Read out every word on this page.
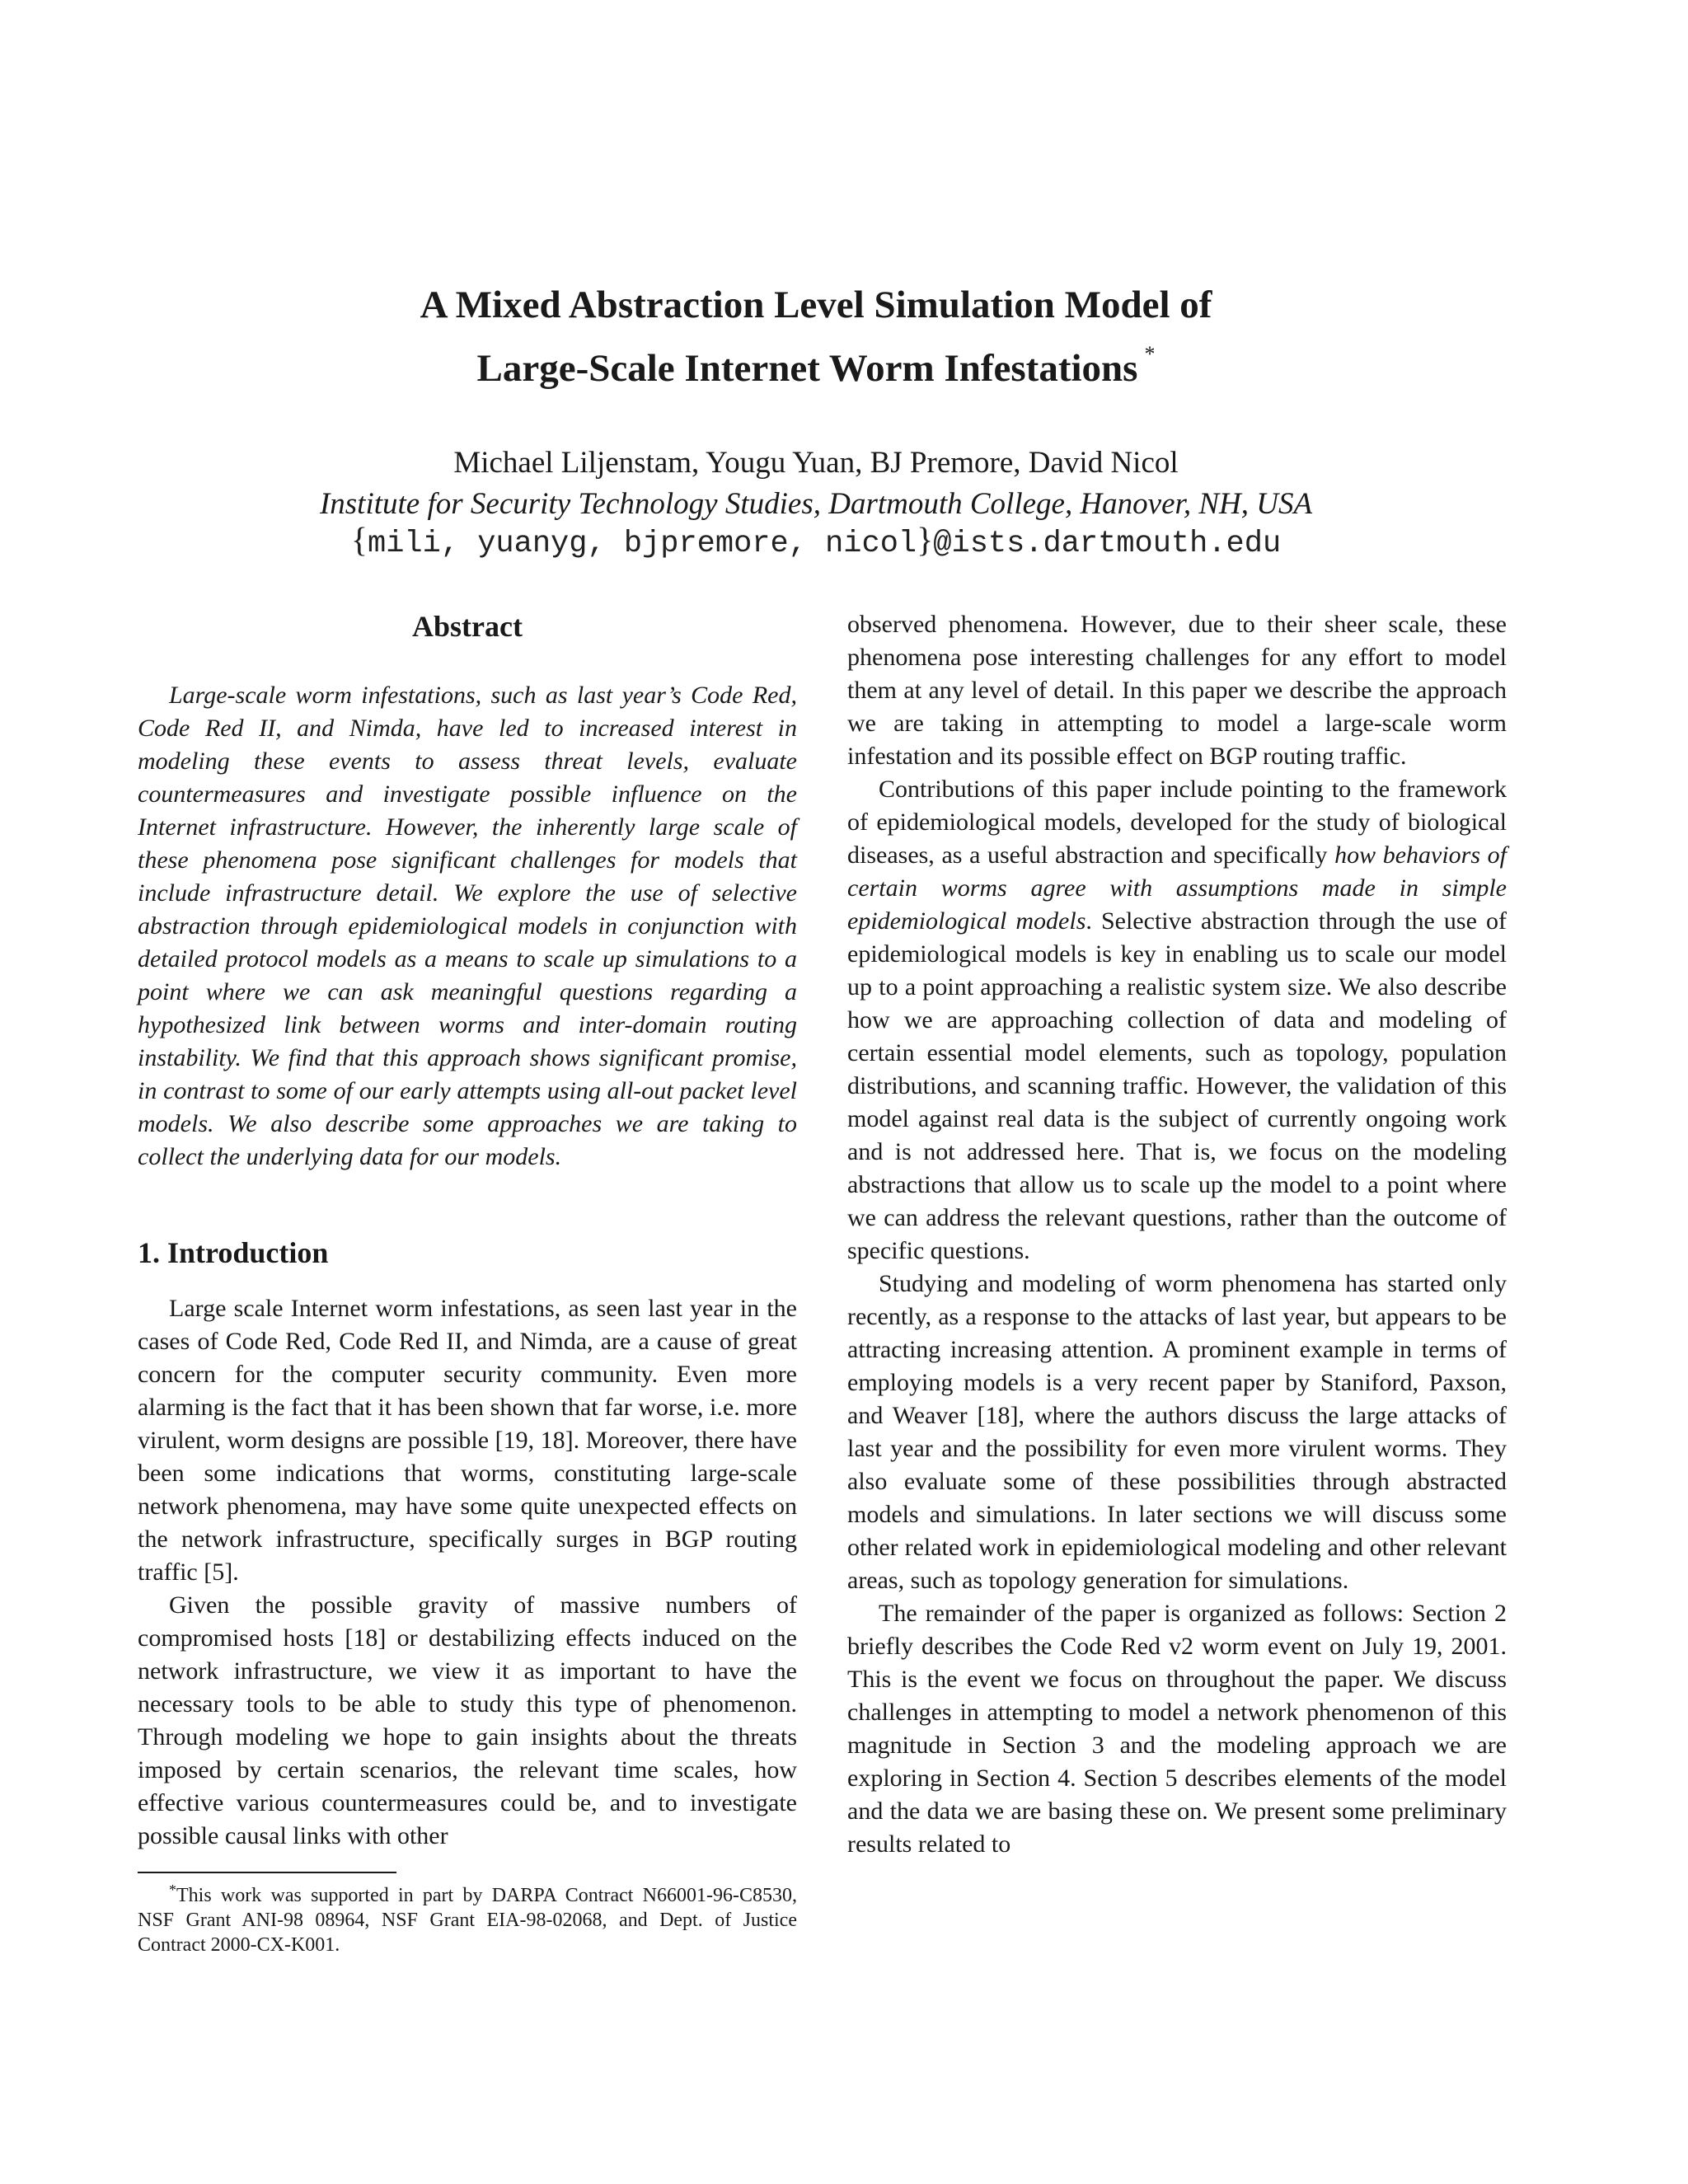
A Mixed Abstraction Level Simulation Model of
Large-Scale Internet Worm Infestations *
Michael Liljenstam, Yougu Yuan, BJ Premore, David Nicol
Institute for Security Technology Studies, Dartmouth College, Hanover, NH, USA
{mili, yuanyg, bjpremore, nicol}@ists.dartmouth.edu
Abstract

Large-scale worm infestations, such as last year’s Code Red, Code Red II, and Nimda, have led to increased interest in modeling these events to assess threat levels, evaluate countermeasures and investigate possible influence on the Internet infrastructure. However, the inherently large scale of these phenomena pose significant challenges for models that include infrastructure detail. We explore the use of selective abstraction through epidemiological models in conjunction with detailed protocol models as a means to scale up simulations to a point where we can ask meaningful questions regarding a hypothesized link between worms and inter-domain routing instability. We find that this approach shows significant promise, in contrast to some of our early attempts using all-out packet level models. We also describe some approaches we are taking to collect the underlying data for our models.

1. Introduction

Large scale Internet worm infestations, as seen last year in the cases of Code Red, Code Red II, and Nimda, are a cause of great concern for the computer security community. Even more alarming is the fact that it has been shown that far worse, i.e. more virulent, worm designs are possible [19, 18]. Moreover, there have been some indications that worms, constituting large-scale network phenomena, may have some quite unexpected effects on the network infrastructure, specifically surges in BGP routing traffic [5].

Given the possible gravity of massive numbers of compromised hosts [18] or destabilizing effects induced on the network infrastructure, we view it as important to have the necessary tools to be able to study this type of phenomenon. Through modeling we hope to gain insights about the threats imposed by certain scenarios, the relevant time scales, how effective various countermeasures could be, and to investigate possible causal links with other

*This work was supported in part by DARPA Contract N66001-96-C8530, NSF Grant ANI-98 08964, NSF Grant EIA-98-02068, and Dept. of Justice Contract 2000-CX-K001.

observed phenomena. However, due to their sheer scale, these phenomena pose interesting challenges for any effort to model them at any level of detail. In this paper we describe the approach we are taking in attempting to model a large-scale worm infestation and its possible effect on BGP routing traffic.

Contributions of this paper include pointing to the framework of epidemiological models, developed for the study of biological diseases, as a useful abstraction and specifically how behaviors of certain worms agree with assumptions made in simple epidemiological models. Selective abstraction through the use of epidemiological models is key in enabling us to scale our model up to a point approaching a realistic system size. We also describe how we are approaching collection of data and modeling of certain essential model elements, such as topology, population distributions, and scanning traffic. However, the validation of this model against real data is the subject of currently ongoing work and is not addressed here. That is, we focus on the modeling abstractions that allow us to scale up the model to a point where we can address the relevant questions, rather than the outcome of specific questions.

Studying and modeling of worm phenomena has started only recently, as a response to the attacks of last year, but appears to be attracting increasing attention. A prominent example in terms of employing models is a very recent paper by Staniford, Paxson, and Weaver [18], where the authors discuss the large attacks of last year and the possibility for even more virulent worms. They also evaluate some of these possibilities through abstracted models and simulations. In later sections we will discuss some other related work in epidemiological modeling and other relevant areas, such as topology generation for simulations.

The remainder of the paper is organized as follows: Section 2 briefly describes the Code Red v2 worm event on July 19, 2001. This is the event we focus on throughout the paper. We discuss challenges in attempting to model a network phenomenon of this magnitude in Section 3 and the modeling approach we are exploring in Section 4. Section 5 describes elements of the model and the data we are basing these on. We present some preliminary results related to
